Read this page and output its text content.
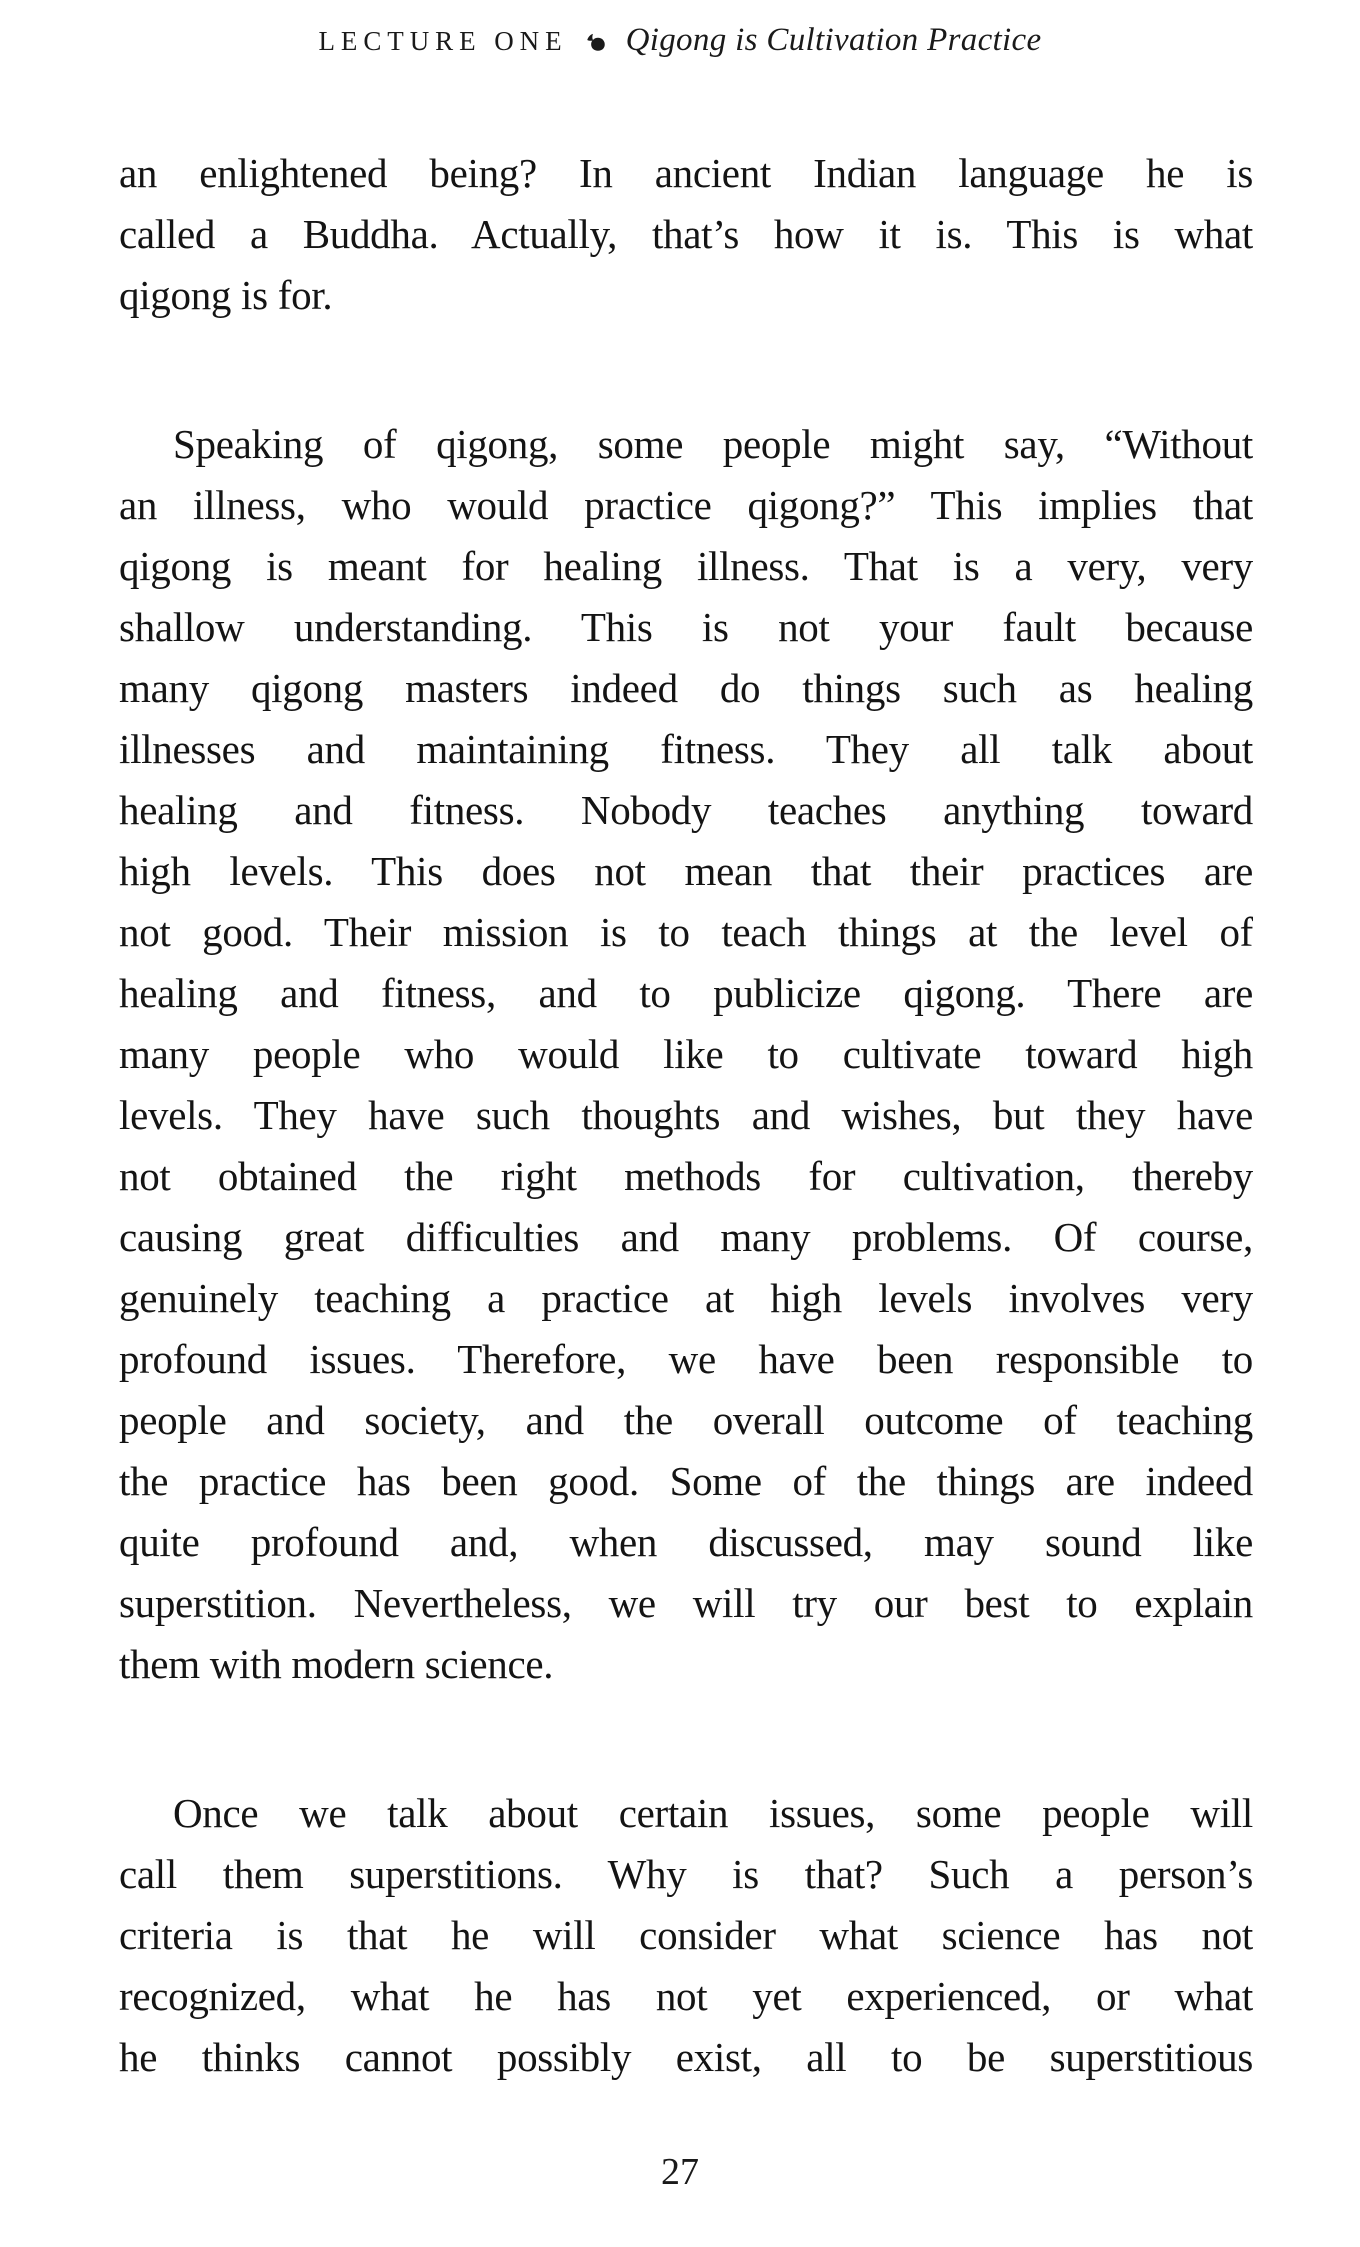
LECTURE ONE Qigong is Cultivation Practice
an enlightened being? In ancient Indian language he is
called a Buddha. Actually, that’s how it is. This is what
qigong is for.
Speaking of qigong, some people might say, “Without
an illness, who would practice qigong?” This implies that
qigong is meant for healing illness. That is a very, very
shallow understanding. This is not your fault because
many qigong masters indeed do things such as healing
illnesses and maintaining fitness. They all talk about
healing and fitness. Nobody teaches anything toward
high levels. This does not mean that their practices are
not good. Their mission is to teach things at the level of
healing and fitness, and to publicize qigong. There are
many people who would like to cultivate toward high
levels. They have such thoughts and wishes, but they have
not obtained the right methods for cultivation, thereby
causing great difficulties and many problems. Of course,
genuinely teaching a practice at high levels involves very
profound issues. Therefore, we have been responsible to
people and society, and the overall outcome of teaching
the practice has been good. Some of the things are indeed
quite profound and, when discussed, may sound like
superstition. Nevertheless, we will try our best to explain
them with modern science.
Once we talk about certain issues, some people will
call them superstitions. Why is that? Such a person’s
criteria is that he will consider what science has not
recognized, what he has not yet experienced, or what
he thinks cannot possibly exist, all to be superstitious
27
